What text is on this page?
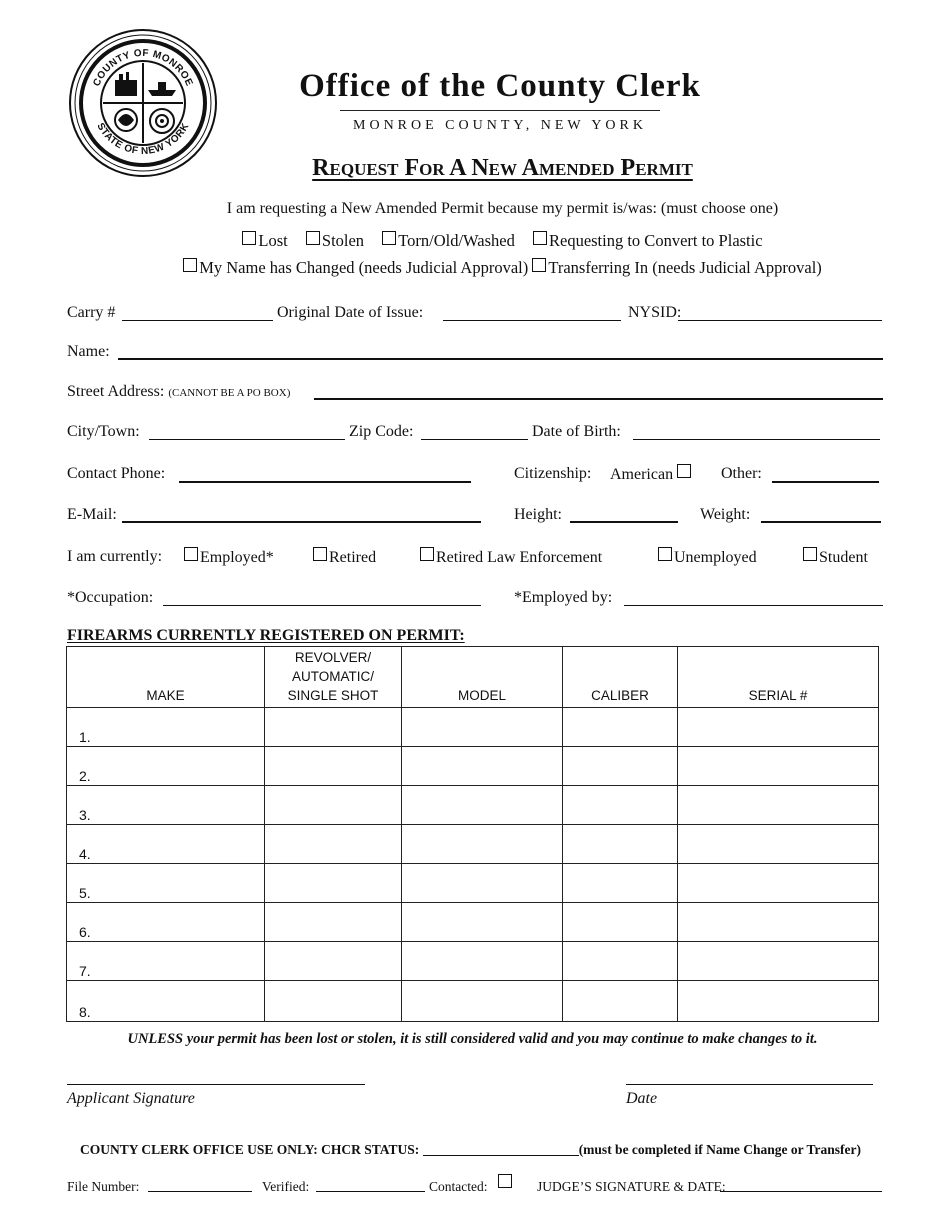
COUNTY OF MONROE
STATE OF NEW YORK
Office of the County Clerk
MONROE COUNTY, NEW YORK
Request For A New Amended Permit
I am requesting a New Amended Permit because my permit is/was: (must choose one)
Lost Stolen Torn/Old/Washed Requesting to Convert to Plastic
My Name has Changed (needs Judicial Approval) Transferring In (needs Judicial Approval)
Carry #	Original Date of Issue:	NYSID:
Name:
Street Address: (CANNOT BE A PO BOX)
City/Town:	Zip Code:	Date of Birth:
Contact Phone:	Citizenship: American	Other:
E-Mail:	Height:	Weight:
I am currently:	Employed*	Retired	Retired Law Enforcement	Unemployed	Student
*Occupation:	*Employed by:
FIREARMS CURRENTLY REGISTERED ON PERMIT:
MAKE	REVOLVER/
AUTOMATIC/
SINGLE SHOT	MODEL	CALIBER	SERIAL #
1.				
2.				
3.				
4.				
5.				
6.				
7.				
8.				
UNLESS your permit has been lost or stolen, it is still considered valid and you may continue to make changes to it.
Applicant Signature	Date
COUNTY CLERK OFFICE USE ONLY: CHCR STATUS:	(must be completed if Name Change or Transfer)
File Number:	Verified:	Contacted:	JUDGE’S SIGNATURE & DATE:
